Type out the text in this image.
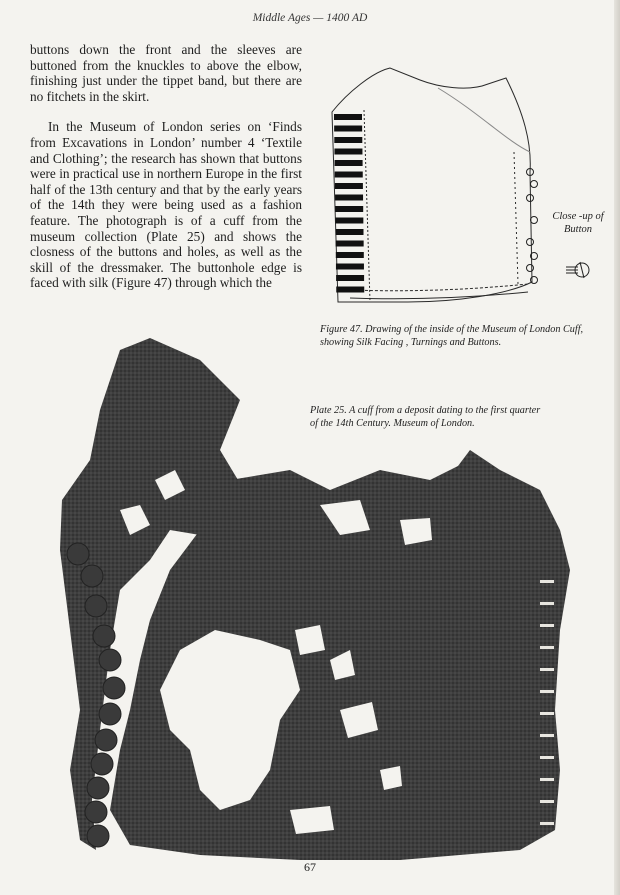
Middle Ages — 1400 AD

buttons down the front and the sleeves are buttoned from the knuckles to above the elbow, finishing just under the tippet band, but there are no fitchets in the skirt.

In the Museum of London series on ‘Finds from Excavations in London’ number 4 ‘Textile and Clothing’; the research has shown that buttons were in practical use in northern Europe in the first half of the 13th century and that by the early years of the 14th they were being used as a fashion feature. The photograph is of a cuff from the museum collection (Plate 25) and shows the closness of the buttons and holes, as well as the skill of the dressmaker. The buttonhole edge is faced with silk (Figure 47) through which the

Close -up of Button
Figure 47. Drawing of the inside of the Museum of London Cuff, showing Silk Facing , Turnings and Buttons.
Plate 25. A cuff from a deposit dating to the first quarter of the 14th Century. Museum of London.
67
